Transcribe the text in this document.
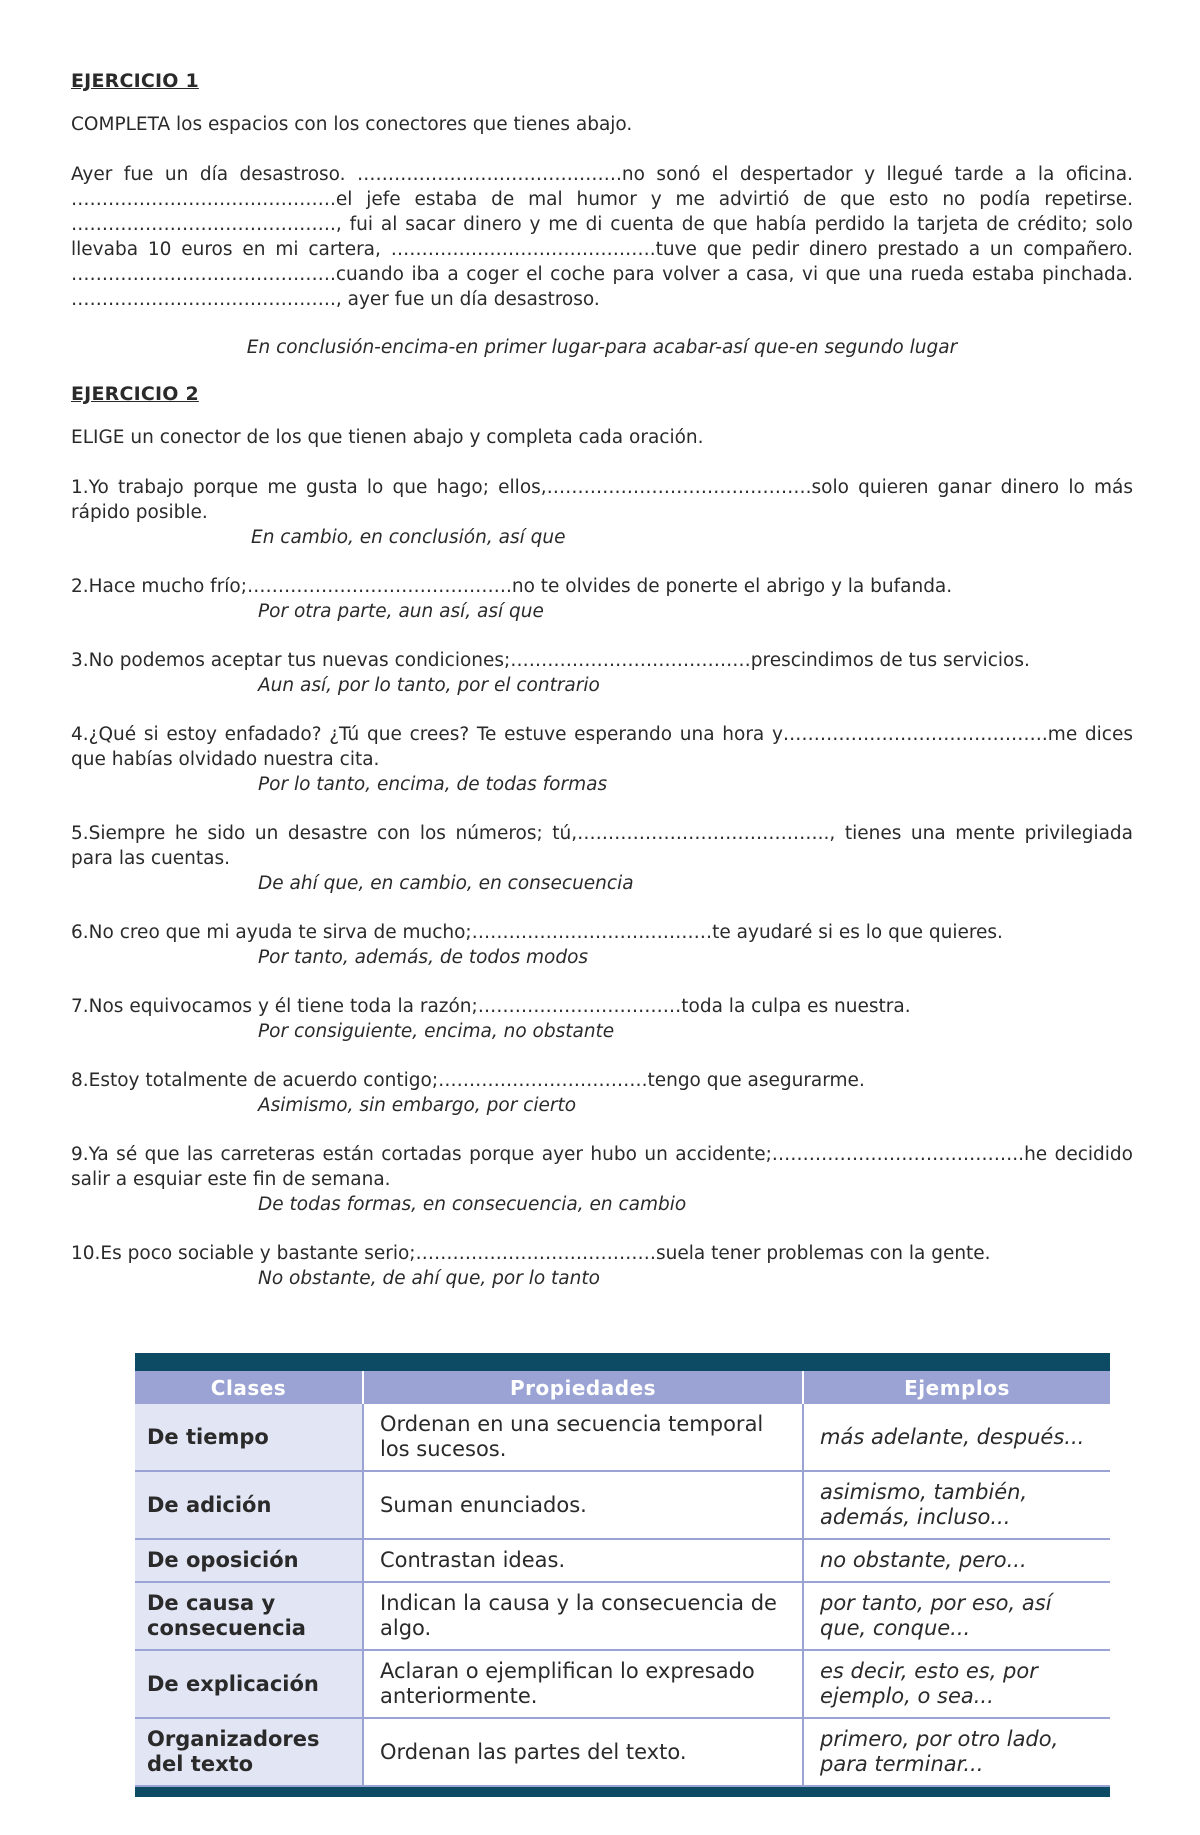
EJERCICIO 1
COMPLETA los espacios con los conectores que tienes abajo.
Ayer fue un día desastroso. …………………………………….no sonó el despertador y llegué tarde a la oficina. …………………………………….el jefe estaba de mal humor y me advirtió de que esto no podía repetirse. ……………………………………., fui al sacar dinero y me di cuenta de que había perdido la tarjeta de crédito; solo llevaba 10 euros en mi cartera, …………………………………….tuve que pedir dinero prestado a un compañero. …………………………………….cuando iba a coger el coche para volver a casa, vi que una rueda estaba pinchada. ……………………………………., ayer fue un día desastroso.
En conclusión-encima-en primer lugar-para acabar-así que-en segundo lugar
EJERCICIO 2
ELIGE un conector de los que tienen abajo y completa cada oración.
1.Yo trabajo porque me gusta lo que hago; ellos,…………………………………….solo quieren ganar dinero lo más rápido posible.
En cambio, en conclusión, así que
2.Hace mucho frío;…………………………………….no te olvides de ponerte el abrigo y la bufanda.
Por otra parte, aun así, así que
3.No podemos aceptar tus nuevas condiciones;…………………………………prescindimos de tus servicios.
Aun así, por lo tanto, por el contrario
4.¿Qué si estoy enfadado? ¿Tú que crees? Te estuve esperando una hora y…………………………………….me dices que habías olvidado nuestra cita.
Por lo tanto, encima, de todas formas
5.Siempre he sido un desastre con los números; tú,………………………………….., tienes una mente privilegiada para las cuentas.
De ahí que, en cambio, en consecuencia
6.No creo que mi ayuda te sirva de mucho;…………………………………te ayudaré si es lo que quieres.
Por tanto, además, de todos modos
7.Nos equivocamos y él tiene toda la razón;……………………………toda la culpa es nuestra.
Por consiguiente, encima, no obstante
8.Estoy totalmente de acuerdo contigo;…………………………….tengo que asegurarme.
Asimismo, sin embargo, por cierto
9.Ya sé que las carreteras están cortadas porque ayer hubo un accidente;…………………………………..he decidido salir a esquiar este fin de semana.
De todas formas, en consecuencia, en cambio
10.Es poco sociable y bastante serio;…………………………………suela tener problemas con la gente.
No obstante, de ahí que, por lo tanto
Clases	Propiedades	Ejemplos
De tiempo	Ordenan en una secuencia temporal los sucesos.	más adelante, después...
De adición	Suman enunciados.	asimismo, también, además, incluso...
De oposición	Contrastan ideas.	no obstante, pero...
De causa y consecuencia	Indican la causa y la consecuencia de algo.	por tanto, por eso, así que, conque...
De explicación	Aclaran o ejemplifican lo expresado anteriormente.	es decir, esto es, por ejemplo, o sea...
Organizadores del texto	Ordenan las partes del texto.	primero, por otro lado, para terminar...
